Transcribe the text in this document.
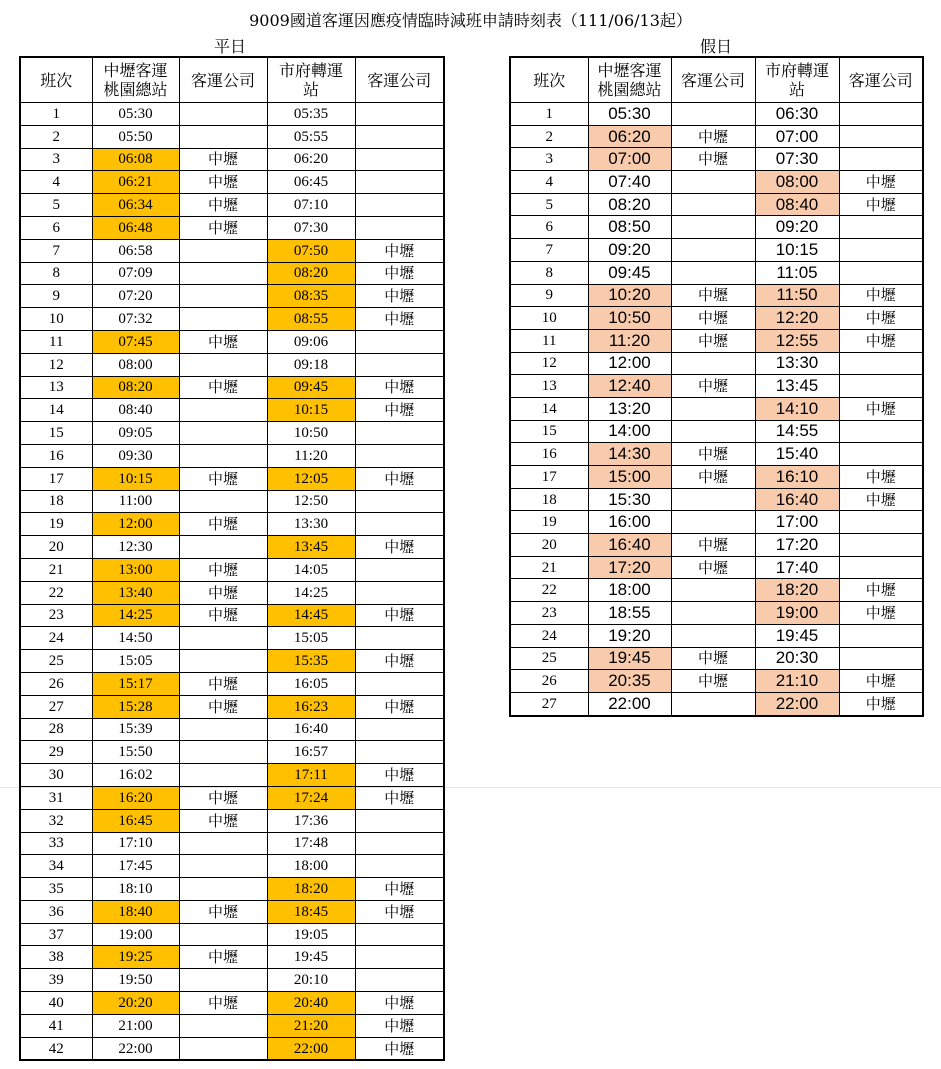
9009國道客運因應疫情臨時減班申請時刻表（111/06/13起）
平日	假日
班次	中壢客運桃園總站	客運公司	市府轉運站	客運公司
1	05:30		05:35	
2	05:50		05:55	
3	06:08	中壢	06:20	
4	06:21	中壢	06:45	
5	06:34	中壢	07:10	
6	06:48	中壢	07:30	
7	06:58		07:50	中壢
8	07:09		08:20	中壢
9	07:20		08:35	中壢
10	07:32		08:55	中壢
11	07:45	中壢	09:06	
12	08:00		09:18	
13	08:20	中壢	09:45	中壢
14	08:40		10:15	中壢
15	09:05		10:50	
16	09:30		11:20	
17	10:15	中壢	12:05	中壢
18	11:00		12:50	
19	12:00	中壢	13:30	
20	12:30		13:45	中壢
21	13:00	中壢	14:05	
22	13:40	中壢	14:25	
23	14:25	中壢	14:45	中壢
24	14:50		15:05	
25	15:05		15:35	中壢
26	15:17	中壢	16:05	
27	15:28	中壢	16:23	中壢
28	15:39		16:40	
29	15:50		16:57	
30	16:02		17:11	中壢
31	16:20	中壢	17:24	中壢
32	16:45	中壢	17:36	
33	17:10		17:48	
34	17:45		18:00	
35	18:10		18:20	中壢
36	18:40	中壢	18:45	中壢
37	19:00		19:05	
38	19:25	中壢	19:45	
39	19:50		20:10	
40	20:20	中壢	20:40	中壢
41	21:00		21:20	中壢
42	22:00		22:00	中壢
班次	中壢客運桃園總站	客運公司	市府轉運站	客運公司
1	05:30		06:30	
2	06:20	中壢	07:00	
3	07:00	中壢	07:30	
4	07:40		08:00	中壢
5	08:20		08:40	中壢
6	08:50		09:20	
7	09:20		10:15	
8	09:45		11:05	
9	10:20	中壢	11:50	中壢
10	10:50	中壢	12:20	中壢
11	11:20	中壢	12:55	中壢
12	12:00		13:30	
13	12:40	中壢	13:45	
14	13:20		14:10	中壢
15	14:00		14:55	
16	14:30	中壢	15:40	
17	15:00	中壢	16:10	中壢
18	15:30		16:40	中壢
19	16:00		17:00	
20	16:40	中壢	17:20	
21	17:20	中壢	17:40	
22	18:00		18:20	中壢
23	18:55		19:00	中壢
24	19:20		19:45	
25	19:45	中壢	20:30	
26	20:35	中壢	21:10	中壢
27	22:00		22:00	中壢
